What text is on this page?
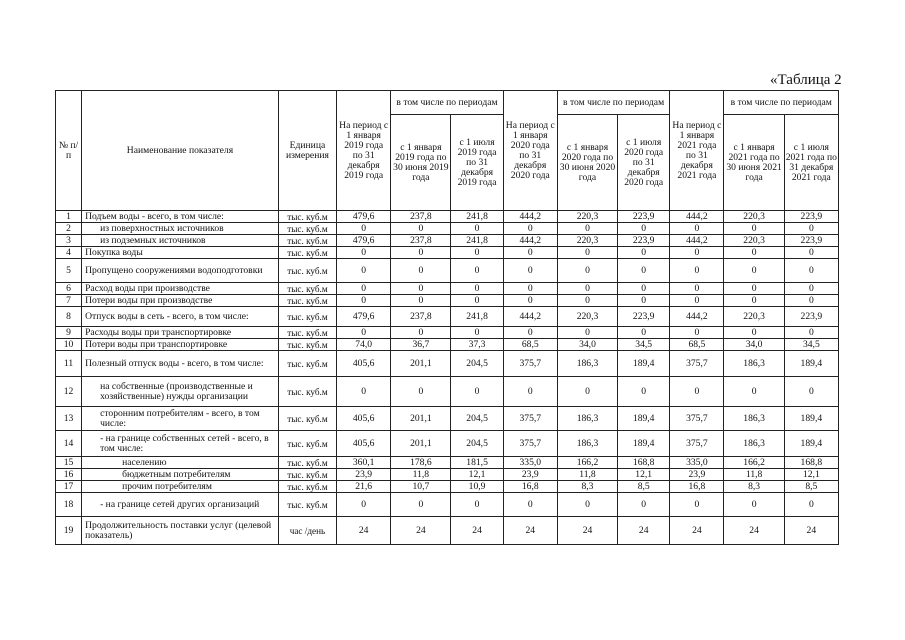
«Таблица 2
№ п/п	Наименование показателя	Единица измерения	На период с 1 января 2019 года по 31 декабря 2019 года	в том числе по периодам		На период с 1 января 2020 года по 31 декабря 2020 года	в том числе по периодам		На период с 1 января 2021 года по 31 декабря 2021 года	в том числе по периодам	
				с 1 января 2019 года по 30 июня 2019 года	с 1 июля 2019 года по 31 декабря 2019 года		с 1 января 2020 года по 30 июня 2020 года	с 1 июля 2020 года по 31 декабря 2020 года		с 1 января 2021 года по 30 июня 2021 года	с 1 июля 2021 года по 31 декабря 2021 года
1	Подъем воды - всего, в том числе:	тыс. куб.м	479,6	237,8	241,8	444,2	220,3	223,9	444,2	220,3	223,9
2	из поверхностных источников	тыс. куб.м	0	0	0	0	0	0	0	0	0
3	из подземных источников	тыс. куб.м	479,6	237,8	241,8	444,2	220,3	223,9	444,2	220,3	223,9
4	Покупка воды	тыс. куб.м	0	0	0	0	0	0	0	0	0
5	Пропущено сооружениями водоподготовки	тыс. куб.м	0	0	0	0	0	0	0	0	0
6	Расход воды при производстве	тыс. куб.м	0	0	0	0	0	0	0	0	0
7	Потери воды при производстве	тыс. куб.м	0	0	0	0	0	0	0	0	0
8	Отпуск воды в сеть - всего, в том числе:	тыс. куб.м	479,6	237,8	241,8	444,2	220,3	223,9	444,2	220,3	223,9
9	Расходы воды при транспортировке	тыс. куб.м	0	0	0	0	0	0	0	0	0
10	Потери воды при транспортировке	тыс. куб.м	74,0	36,7	37,3	68,5	34,0	34,5	68,5	34,0	34,5
11	Полезный отпуск воды - всего, в том числе:	тыс. куб.м	405,6	201,1	204,5	375,7	186,3	189,4	375,7	186,3	189,4
12	на собственные (производственные и хозяйственные) нужды организации	тыс. куб.м	0	0	0	0	0	0	0	0	0
13	сторонним потребителям - всего, в том числе:	тыс. куб.м	405,6	201,1	204,5	375,7	186,3	189,4	375,7	186,3	189,4
14	- на границе собственных сетей - всего, в том числе:	тыс. куб.м	405,6	201,1	204,5	375,7	186,3	189,4	375,7	186,3	189,4
15	населению	тыс. куб.м	360,1	178,6	181,5	335,0	166,2	168,8	335,0	166,2	168,8
16	бюджетным потребителям	тыс. куб.м	23,9	11,8	12,1	23,9	11,8	12,1	23,9	11,8	12,1
17	прочим потребителям	тыс. куб.м	21,6	10,7	10,9	16,8	8,3	8,5	16,8	8,3	8,5
18	- на границе сетей других организаций	тыс. куб.м	0	0	0	0	0	0	0	0	0
19	Продолжительность поставки услуг (целевой показатель)	час /день	24	24	24	24	24	24	24	24	24
